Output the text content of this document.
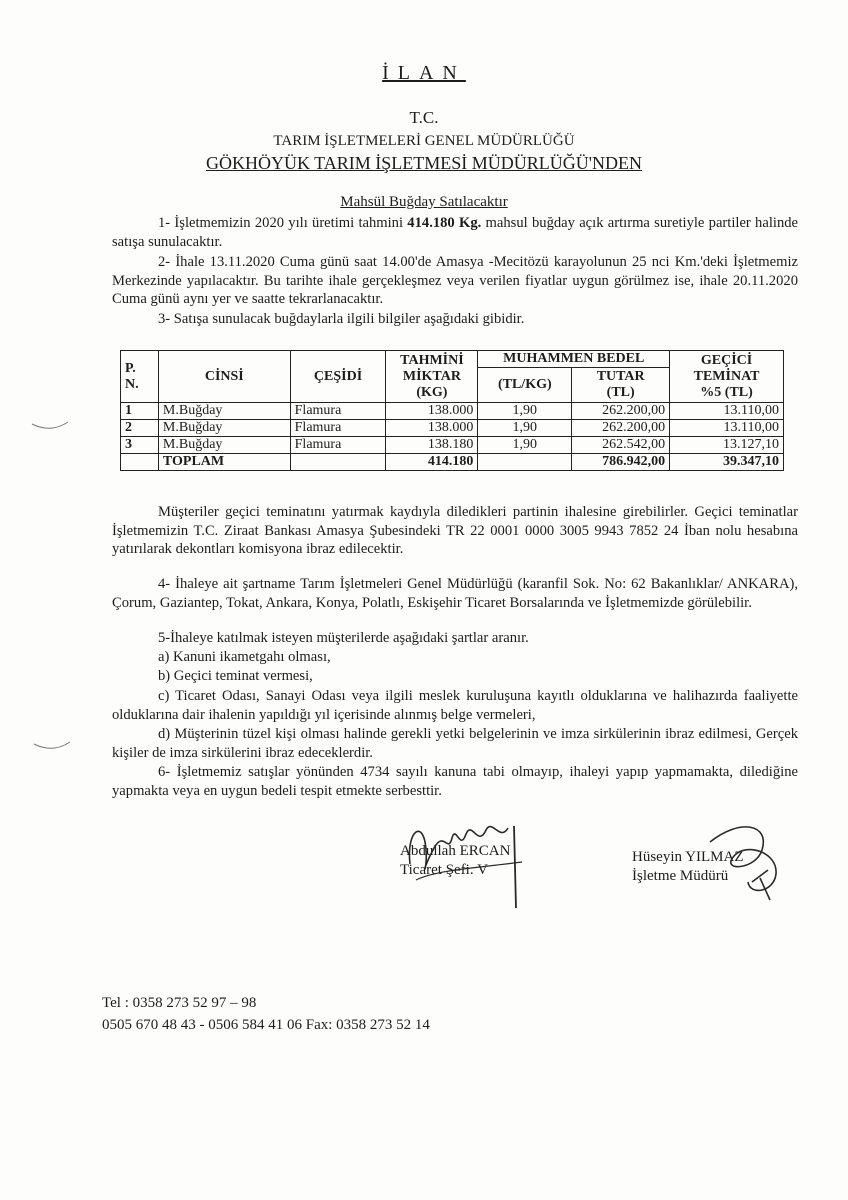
İLAN
T.C.
TARIM İŞLETMELERİ GENEL MÜDÜRLÜĞÜ
GÖKHÖYÜK TARIM İŞLETMESİ MÜDÜRLÜĞÜ'NDEN
Mahsül Buğday Satılacaktır
1- İşletmemizin 2020 yılı üretimi tahmini 414.180 Kg. mahsul buğday açık artırma suretiyle partiler halinde satışa sunulacaktır.
2- İhale 13.11.2020 Cuma günü saat 14.00'de Amasya -Mecitözü karayolunun 25 nci Km.'deki İşletmemiz Merkezinde yapılacaktır. Bu tarihte ihale gerçekleşmez veya verilen fiyatlar uygun görülmez ise, ihale 20.11.2020 Cuma günü aynı yer ve saatte tekrarlanacaktır.
3- Satışa sunulacak buğdaylarla ilgili bilgiler aşağıdaki gibidir.
P.
N.	CİNSİ	ÇEŞİDİ	TAHMİNİ
MİKTAR
(KG)	MUHAMMEN BEDEL		GEÇİCİ
TEMİNAT
%5 (TL)
				(TL/KG)	TUTAR
(TL)	
1	M.Buğday	Flamura	138.000	1,90	262.200,00	13.110,00
2	M.Buğday	Flamura	138.000	1,90	262.200,00	13.110,00
3	M.Buğday	Flamura	138.180	1,90	262.542,00	13.127,10
	TOPLAM		414.180		786.942,00	39.347,10
Müşteriler geçici teminatını yatırmak kaydıyla diledikleri partinin ihalesine girebilirler. Geçici teminatlar İşletmemizin T.C. Ziraat Bankası Amasya Şubesindeki TR 22 0001 0000 3005 9943 7852 24 İban nolu hesabına yatırılarak dekontları komisyona ibraz edilecektir.
4- İhaleye ait şartname Tarım İşletmeleri Genel Müdürlüğü (karanfil Sok. No: 62 Bakanlıklar/ ANKARA), Çorum, Gaziantep, Tokat, Ankara, Konya, Polatlı, Eskişehir Ticaret Borsalarında ve İşletmemizde görülebilir.
5-İhaleye katılmak isteyen müşterilerde aşağıdaki şartlar aranır.
a) Kanuni ikametgahı olması,
b) Geçici teminat vermesi,
c) Ticaret Odası, Sanayi Odası veya ilgili meslek kuruluşuna kayıtlı olduklarına ve halihazırda faaliyette olduklarına dair ihalenin yapıldığı yıl içerisinde alınmış belge vermeleri,
d) Müşterinin tüzel kişi olması halinde gerekli yetki belgelerinin ve imza sirkülerinin ibraz edilmesi, Gerçek kişiler de imza sirkülerini ibraz edeceklerdir.
6- İşletmemiz satışlar yönünden 4734 sayılı kanuna tabi olmayıp, ihaleyi yapıp yapmamakta, dilediğine yapmakta veya en uygun bedeli tespit etmekte serbesttir.
Abdullah ERCAN
Ticaret Şefi. V
Hüseyin YILMAZ
İşletme Müdürü
Tel : 0358 273 52 97 – 98
0505 670 48 43 - 0506 584 41 06 Fax: 0358 273 52 14
